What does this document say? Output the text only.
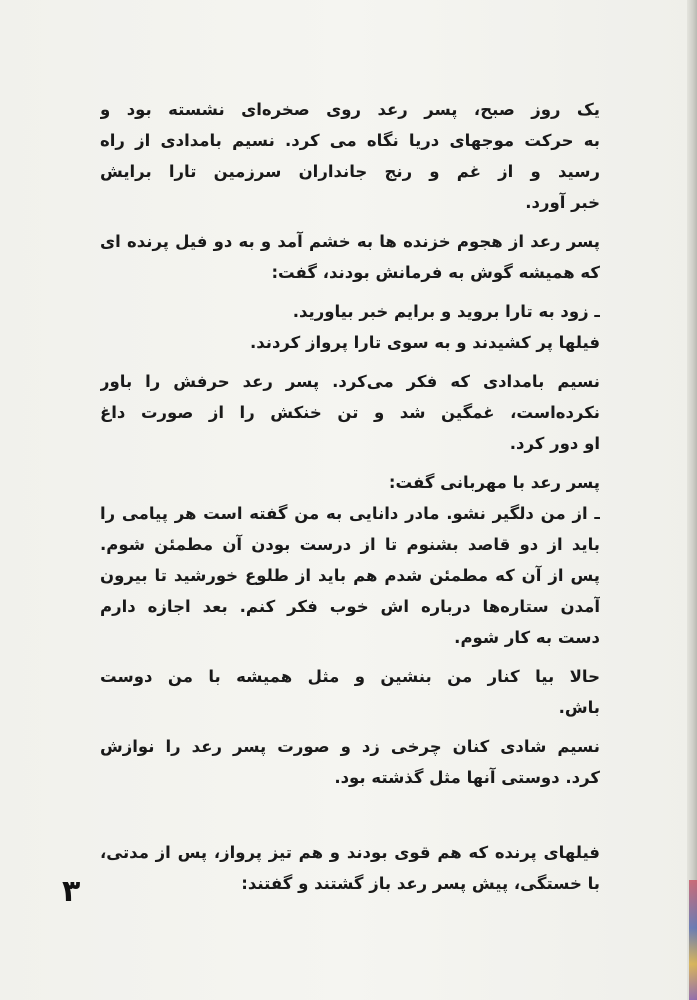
یک روز صبح، پسر رعد روی صخره‌ای نشسته بود و
به حرکت موجهای دریا نگاه می کرد. نسیم بامدادی از راه
رسید و از غم و رنج جانداران سرزمین تارا برایش
خبر آورد.
پسر رعد از هجوم خزنده ها به خشم آمد و به دو فیل پرنده ای
که همیشه گوش به فرمانش بودند، گفت:
ـ زود به تارا بروید و برایم خبر بیاورید.
فیلها پر کشیدند و به سوی تارا پرواز کردند.
نسیم بامدادی که فکر می‌کرد. پسر رعد حرفش را باور
نکرده‌است، غمگین شد و تن خنکش را از صورت داغ
او دور کرد.
پسر رعد با مهربانی گفت:
ـ از من دلگیر نشو. مادر دانایی به من گفته است هر پیامی را
باید از دو قاصد بشنوم تا از درست بودن آن مطمئن شوم.
پس از آن که مطمئن شدم هم باید از طلوع خورشید تا بیرون
آمدن ستاره‌ها درباره اش خوب فکر کنم. بعد اجازه دارم
دست به کار شوم.
حالا بیا کنار من بنشین و مثل همیشه با من دوست
باش.
نسیم شادی کنان چرخی زد و صورت پسر رعد را نوازش
کرد. دوستی آنها مثل گذشته بود.
فیلهای پرنده که هم قوی بودند و هم تیز پرواز، پس از مدتی،
با خستگی، پیش پسر رعد باز گشتند و گفتند:
۳
